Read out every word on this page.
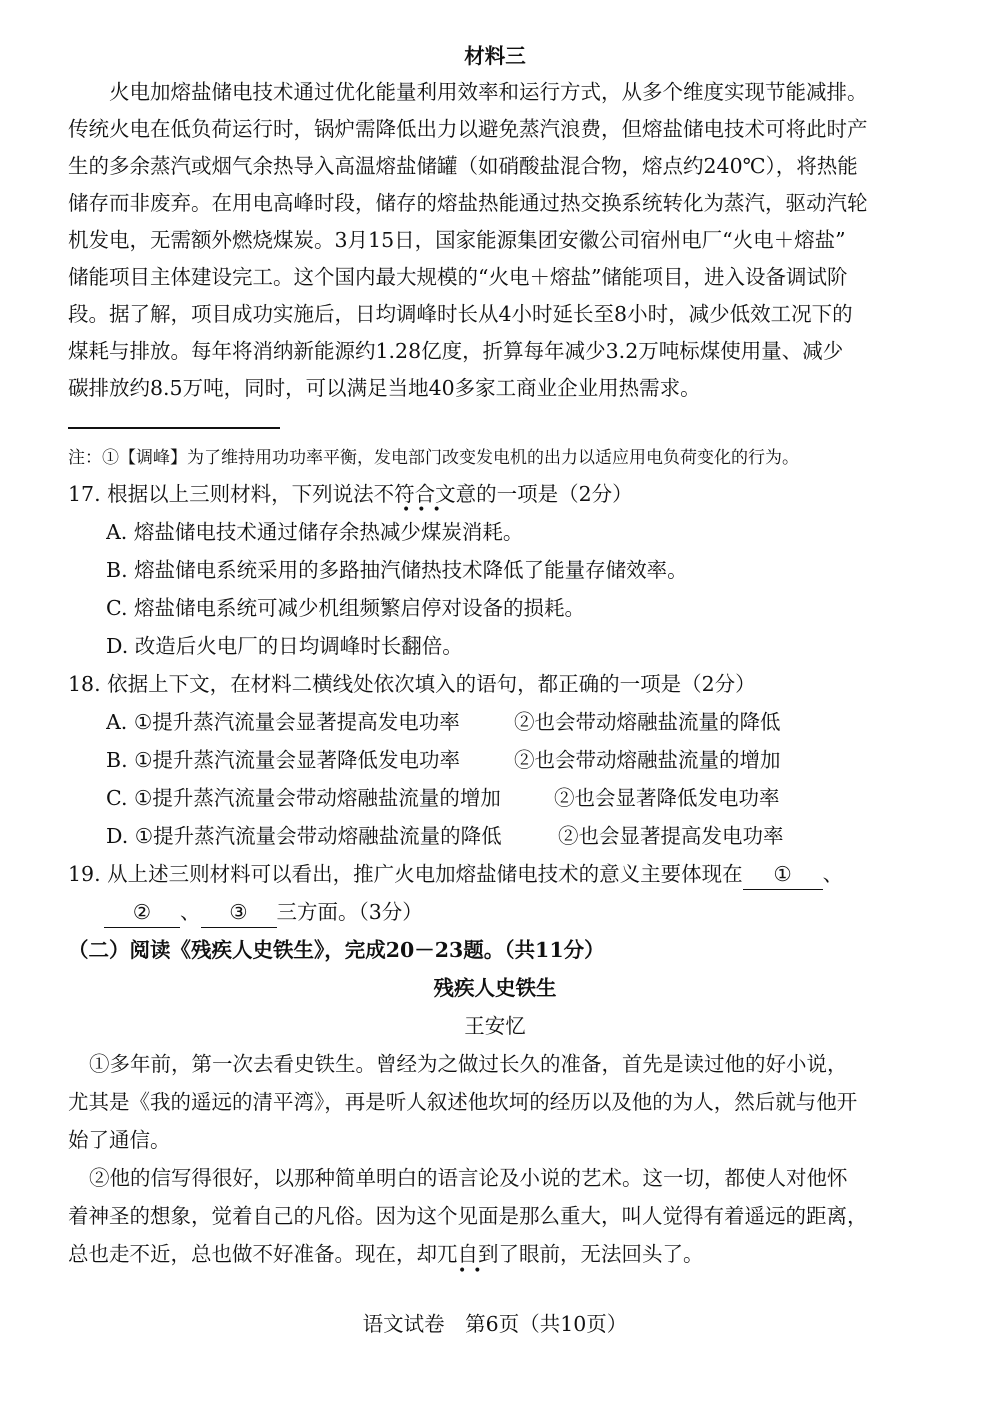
材料三
火电加熔盐储电技术通过优化能量利用效率和运行方式，从多个维度实现节能减排。
传统火电在低负荷运行时，锅炉需降低出力以避免蒸汽浪费，但熔盐储电技术可将此时产
生的多余蒸汽或烟气余热导入高温熔盐储罐（如硝酸盐混合物，熔点约240℃），将热能
储存而非废弃。在用电高峰时段，储存的熔盐热能通过热交换系统转化为蒸汽，驱动汽轮
机发电，无需额外燃烧煤炭。3月15日，国家能源集团安徽公司宿州电厂“火电＋熔盐”
储能项目主体建设完工。这个国内最大规模的“火电＋熔盐”储能项目，进入设备调试阶
段。据了解，项目成功实施后，日均调峰时长从4小时延长至8小时，减少低效工况下的
煤耗与排放。每年将消纳新能源约1.28亿度，折算每年减少3.2万吨标煤使用量、减少
碳排放约8.5万吨，同时，可以满足当地40多家工商业企业用热需求。
注：①【调峰】为了维持用功功率平衡，发电部门改变发电机的出力以适应用电负荷变化的行为。
17. 根据以上三则材料，下列说法不符合文意的一项是（2分）
•••
A. 熔盐储电技术通过储存余热减少煤炭消耗。
B. 熔盐储电系统采用的多路抽汽储热技术降低了能量存储效率。
C. 熔盐储电系统可减少机组频繁启停对设备的损耗。
D. 改造后火电厂的日均调峰时长翻倍。
18. 依据上下文，在材料二横线处依次填入的语句，都正确的一项是（2分）
A. ①提升蒸汽流量会显著提高发电功率	②也会带动熔融盐流量的降低
B. ①提升蒸汽流量会显著降低发电功率	②也会带动熔融盐流量的增加
C. ①提升蒸汽流量会带动熔融盐流量的增加	②也会显著降低发电功率
D. ①提升蒸汽流量会带动熔融盐流量的降低	②也会显著提高发电功率
19. 从上述三则材料可以看出，推广火电加熔盐储电技术的意义主要体现在 ① 、
② 、 ③ 三方面。（3分）
（二）阅读《残疾人史铁生》，完成20－23题。（共11分）
残疾人史铁生
王安忆
①多年前，第一次去看史铁生。曾经为之做过长久的准备，首先是读过他的好小说，
尤其是《我的遥远的清平湾》，再是听人叙述他坎坷的经历以及他的为人，然后就与他开
始了通信。
②他的信写得很好，以那种简单明白的语言论及小说的艺术。这一切，都使人对他怀
着神圣的想象，觉着自己的凡俗。因为这个见面是那么重大，叫人觉得有着遥远的距离，
总也走不近，总也做不好准备。现在，却兀自到了眼前，无法回头了。
••
语文试卷　第6页（共10页）
